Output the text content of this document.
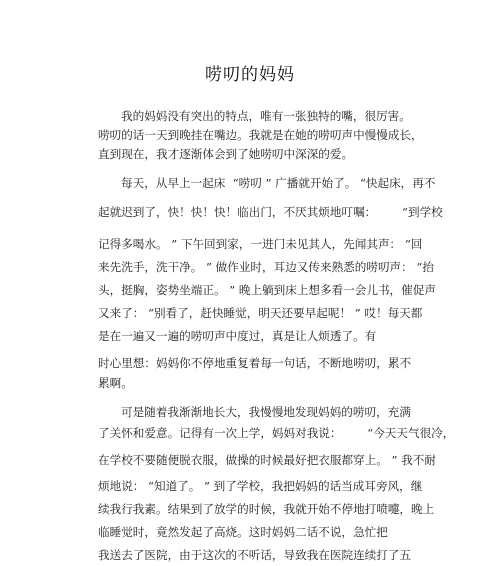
唠叨的妈妈
我的妈妈没有突出的特点，唯有一张独特的嘴，很厉害。
唠叨的话一天到晚挂在嘴边。我就是在她的唠叨声中慢慢成长，
直到现在，我才逐渐体会到了她唠叨中深深的爱。
每天，从早上一起床  “唠叨 ” 广播就开始了。 “快起床，再不
起就迟到了，快！快！快！临出门，不厌其烦地叮嘱：       “到学校
记得多喝水。 ” 下午回到家，一进门未见其人，先闻其声： “回
来先洗手，洗干净。 ” 做作业时，耳边又传来熟悉的唠叨声： “抬
头，挺胸，姿势坐端正。 ” 晚上躺到床上想多看一会儿书，催促声
又来了： “别看了，赶快睡觉，明天还要早起呢！ ” 哎！每天都
是在一遍又一遍的唠叨声中度过，真是让人烦透了。有
时心里想：妈妈你不停地重复着每一句话，不断地唠叨，累不
累啊。
可是随着我渐渐地长大，我慢慢地发现妈妈的唠叨，充满
了关怀和爱意。记得有一次上学，妈妈对我说：       “今天天气很冷，
在学校不要随便脱衣服，做操的时候最好把衣服都穿上。 ” 我不耐
烦地说： “知道了。 ” 到了学校，我把妈妈的话当成耳旁风，继
续我行我素。结果到了放学的时候，我就开始不停地打喷嚏，晚上
临睡觉时，竟然发起了高烧。这时妈妈二话不说，急忙把
我送去了医院，由于这次的不听话，导致我在医院连续打了五
